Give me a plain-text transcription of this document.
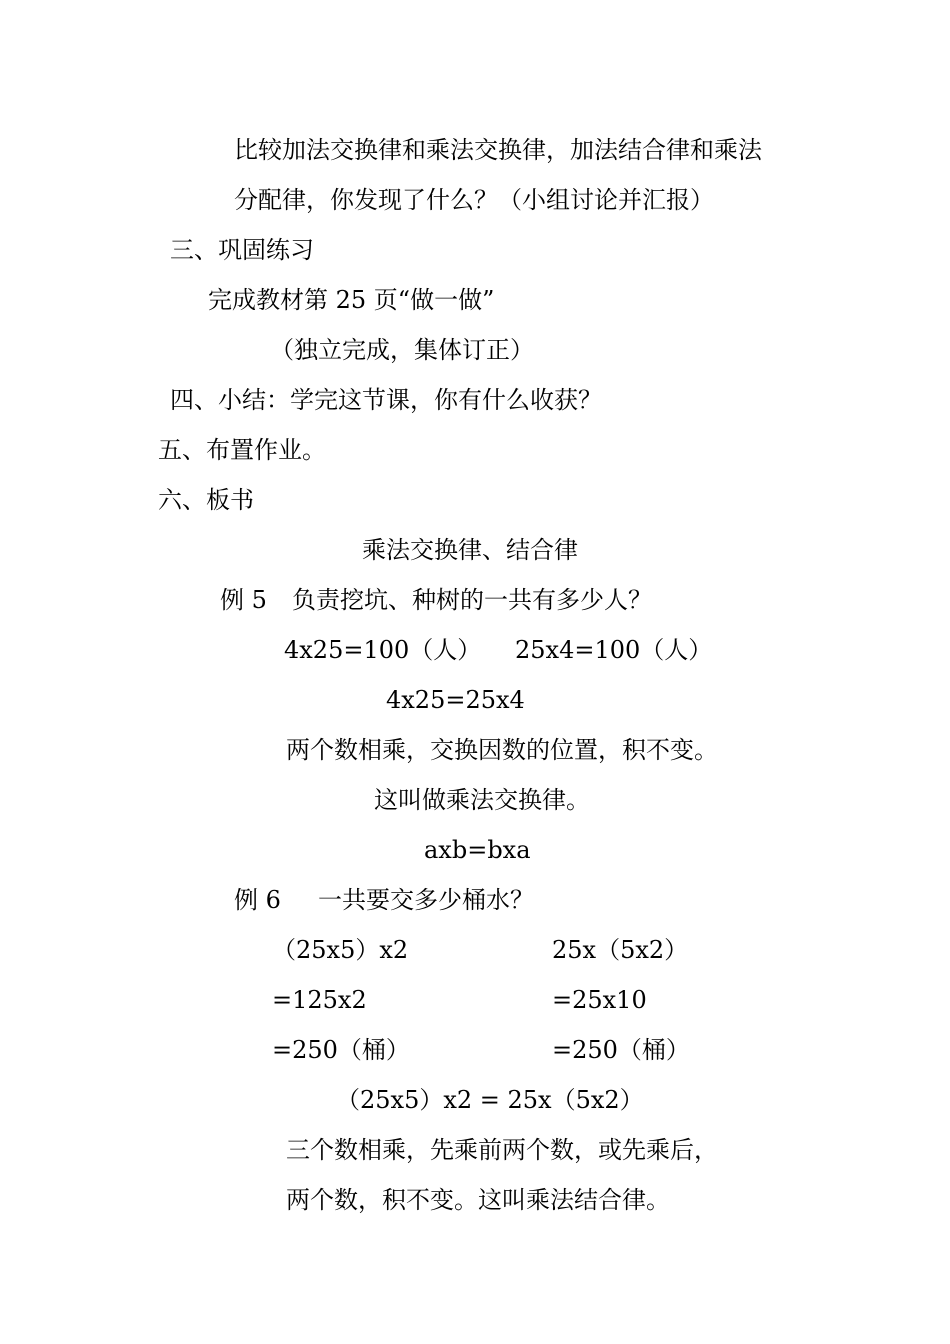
比较加法交换律和乘法交换律，加法结合律和乘法
分配律，你发现了什么？（小组讨论并汇报）
三、巩固练习
完成教材第 25 页“做一做”
（独立完成，集体订正）
四、小结：学完这节课，你有什么收获？
五、布置作业。
六、板书
乘法交换律、结合律
例 5 负责挖坑、种树的一共有多少人？
4x25=100（人） 25x4=100（人）
4x25=25x4
两个数相乘，交换因数的位置，积不变。
这叫做乘法交换律。
axb=bxa
例 6 一共要交多少桶水？
（25x5）x2
=125x2
=250（桶）
25x（5x2）
=25x10
=250（桶）
（25x5）x2 = 25x（5x2）
三个数相乘，先乘前两个数，或先乘后，
两个数，积不变。这叫乘法结合律。
